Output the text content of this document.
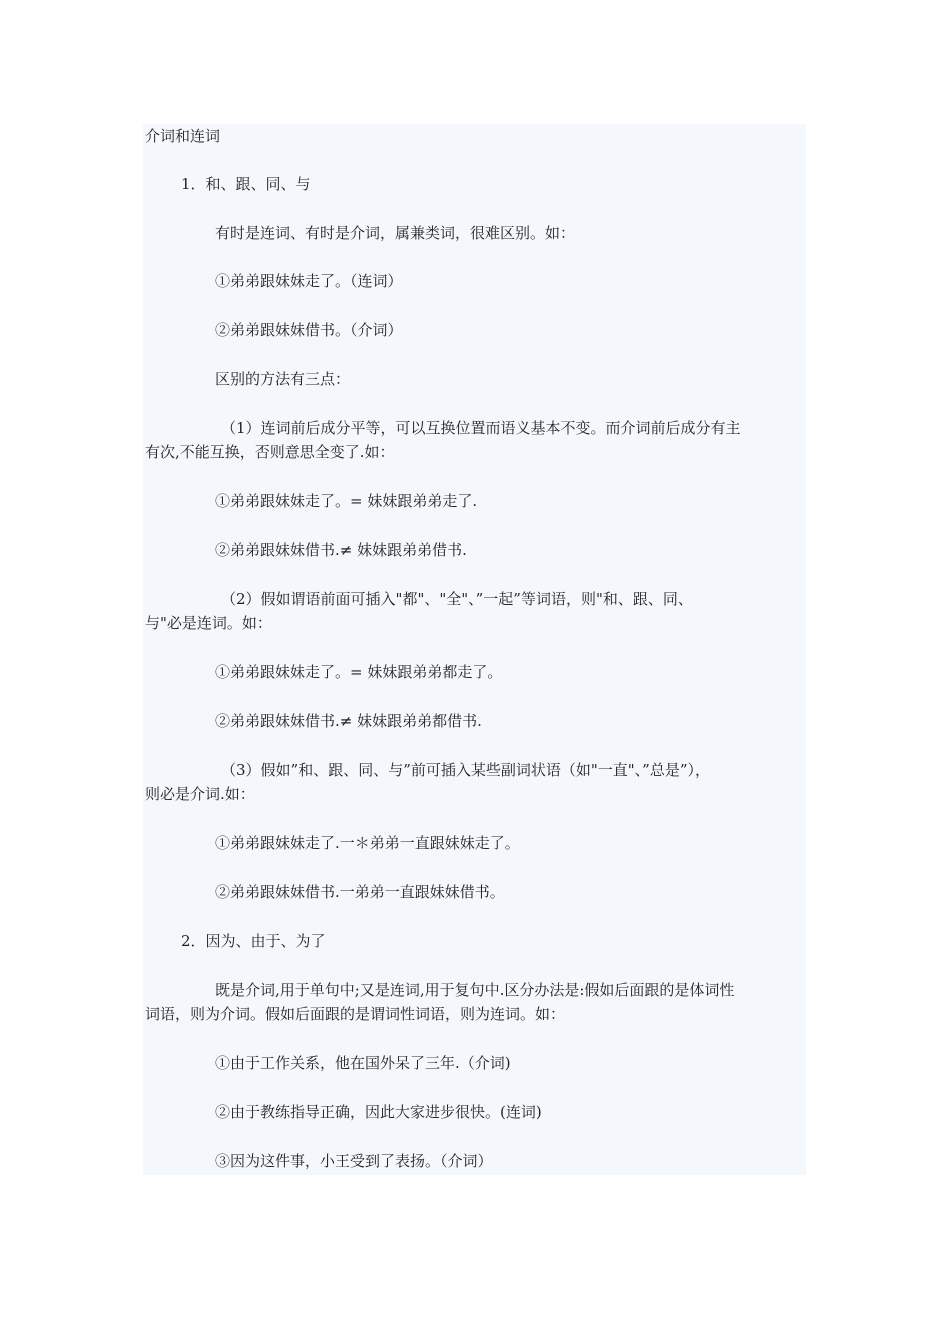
介词和连词

1．和、跟、同、与

有时是连词、有时是介词，属兼类词，很难区别。如：

①弟弟跟妹妹走了。（连词）

②弟弟跟妹妹借书。（介词）

区别的方法有三点：

（1）连词前后成分平等，可以互换位置而语义基本不变。而介词前后成分有主

有次,不能互换，否则意思全变了.如：

①弟弟跟妹妹走了。= 妹妹跟弟弟走了.

②弟弟跟妹妹借书.≠ 妹妹跟弟弟借书.

（2）假如谓语前面可插入"都"、"全"、”一起”等词语，则"和、跟、同、

与"必是连词。如：

①弟弟跟妹妹走了。= 妹妹跟弟弟都走了。

②弟弟跟妹妹借书.≠ 妹妹跟弟弟都借书.

（3）假如”和、跟、同、与”前可插入某些副词状语（如"一直"、”总是”），

则必是介词.如：

①弟弟跟妹妹走了.一＊弟弟一直跟妹妹走了。

②弟弟跟妹妹借书.一弟弟一直跟妹妹借书。

2．因为、由于、为了

既是介词,用于单句中;又是连词,用于复句中.区分办法是:假如后面跟的是体词性

词语，则为介词。假如后面跟的是谓词性词语，则为连词。如：

①由于工作关系，他在国外呆了三年.（介词)

②由于教练指导正确，因此大家进步很快。(连词)

③因为这件事，小王受到了表扬。（介词）
